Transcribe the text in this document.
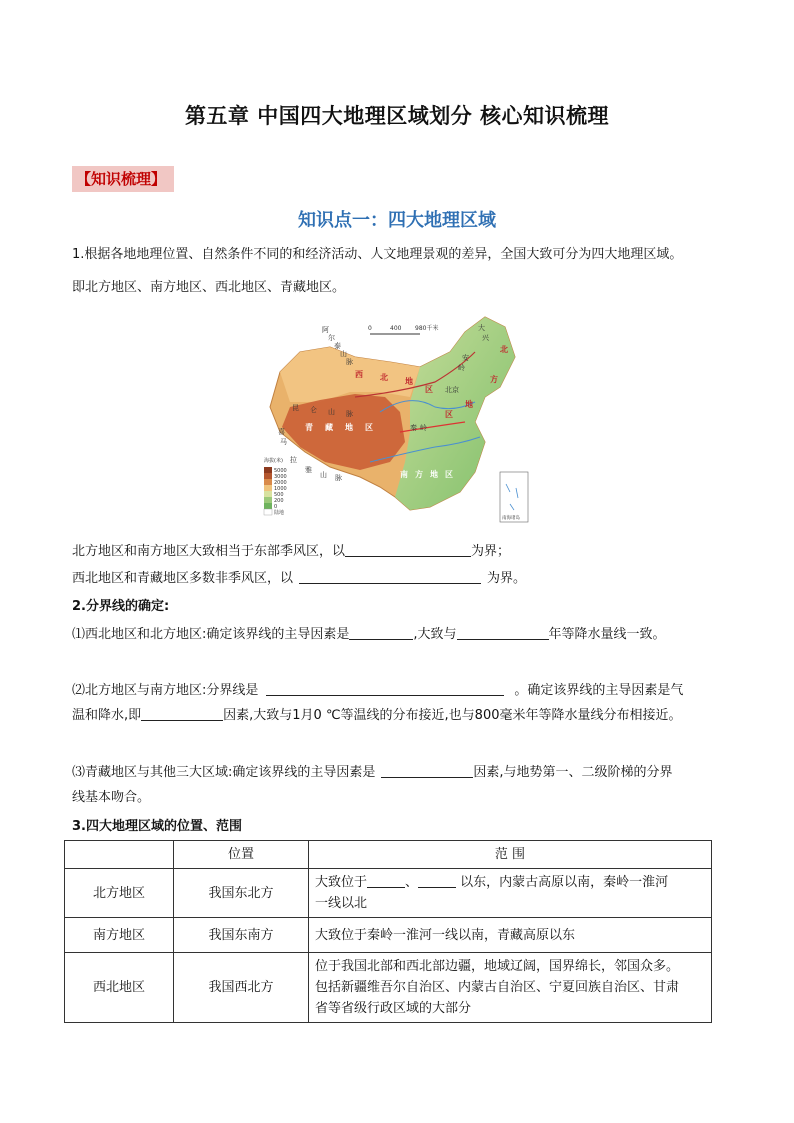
第五章 中国四大地理区域划分 核心知识梳理
【知识梳理】
知识点一：四大地理区域
1.根据各地地理位置、自然条件不同的和经济活动、人文地理景观的差异，全国大致可分为四大地理区域。
即北方地区、南方地区、西北地区、青藏地区。
0	400 980千米
阿
尔
泰
山
脉
昆 仑 山 脉
喜
马
拉
雅
山 脉
大
兴
安
岭
秦 岭
北京
西 北 地
区
北
方
地
区
青 藏 地 区
南 方 地 区
海拔(米)
5000
3000
2000
1000
500
200
0
陆地
南海诸岛
北方地区和南方地区大致相当于东部季风区，以	为界；
西北地区和青藏地区多数非季风区，以	为界。
2.分界线的确定:
⑴西北地区和北方地区:确定该界线的主导因素是	,大致与	年等降水量线一致。
⑵北方地区与南方地区:分界线是	。确定该界线的主导因素是气
温和降水,即	因素,大致与1月0 ℃等温线的分布接近,也与800毫米年等降水量线分布相接近。
⑶青藏地区与其他三大区域:确定该界线的主导因素是	因素,与地势第一、二级阶梯的分界
线基本吻合。
3.四大地理区域的位置、范围
	位置	范 围
北方地区	我国东北方	大致位于 、 以东，内蒙古高原以南，秦岭一淮河
一线以北
南方地区	我国东南方	大致位于秦岭一淮河一线以南，青藏高原以东
西北地区	我国西北方	位于我国北部和西北部边疆，地域辽阔，国界绵长，邻国众多。
包括新疆维吾尔自治区、内蒙古自治区、宁夏回族自治区、甘肃
省等省级行政区域的大部分
